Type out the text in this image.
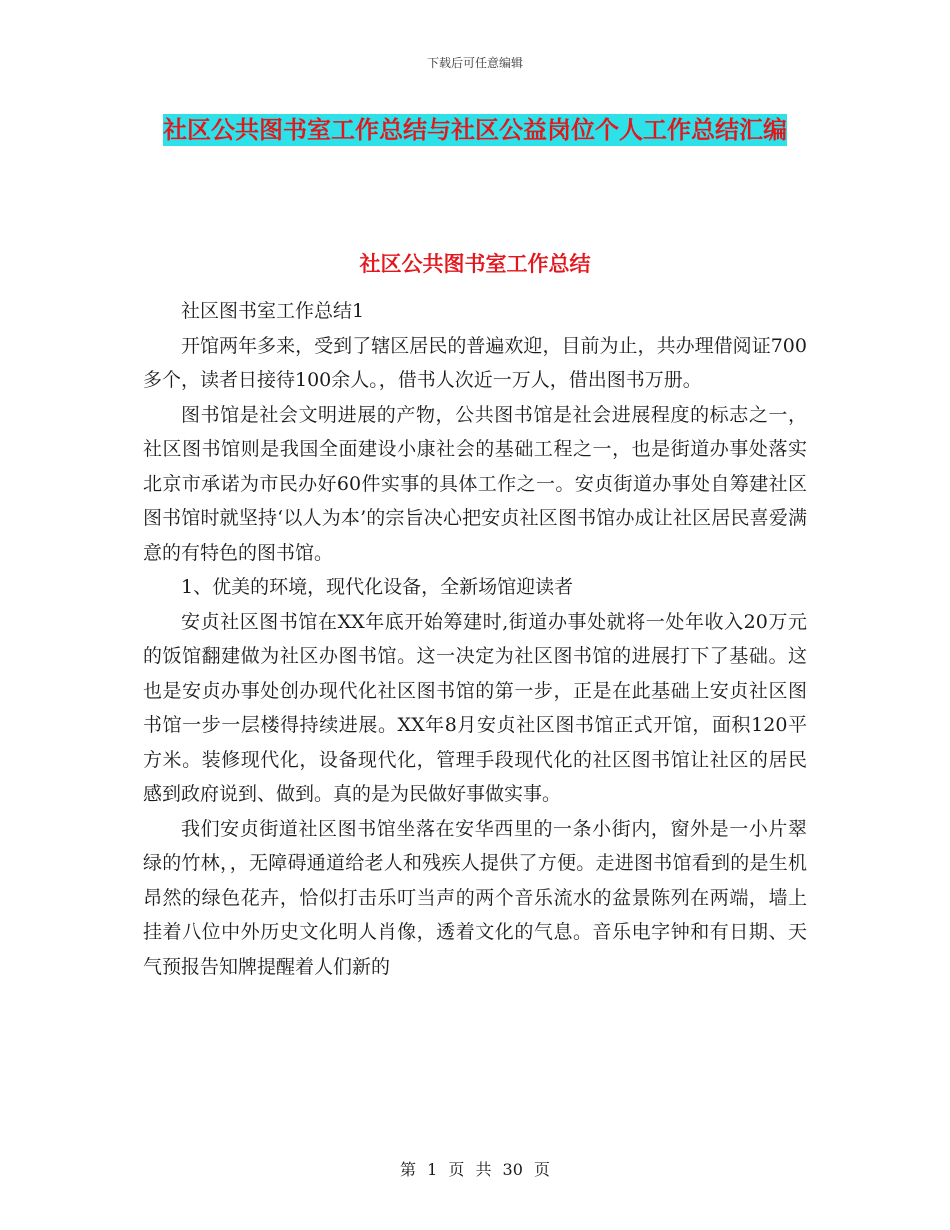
下载后可任意编辑
社区公共图书室工作总结与社区公益岗位个人工作总结汇编
社区公共图书室工作总结

社区图书室工作总结1

开馆两年多来，受到了辖区居民的普遍欢迎，目前为止，共办理借阅证700多个，读者日接待100余人。，借书人次近一万人，借出图书万册。

图书馆是社会文明进展的产物，公共图书馆是社会进展程度的标志之一，社区图书馆则是我国全面建设小康社会的基础工程之一，也是街道办事处落实北京市承诺为市民办好60件实事的具体工作之一。安贞街道办事处自筹建社区图书馆时就坚持‘以人为本’的宗旨决心把安贞社区图书馆办成让社区居民喜爱满意的有特色的图书馆。

1、优美的环境，现代化设备，全新场馆迎读者

安贞社区图书馆在XX年底开始筹建时,街道办事处就将一处年收入20万元的饭馆翻建做为社区办图书馆。这一决定为社区图书馆的进展打下了基础。这也是安贞办事处创办现代化社区图书馆的第一步，正是在此基础上安贞社区图书馆一步一层楼得持续进展。XX年8月安贞社区图书馆正式开馆，面积120平方米。装修现代化，设备现代化，管理手段现代化的社区图书馆让社区的居民感到政府说到、做到。真的是为民做好事做实事。

我们安贞街道社区图书馆坐落在安华西里的一条小街内，窗外是一小片翠绿的竹林，，无障碍通道给老人和残疾人提供了方便。走进图书馆看到的是生机昂然的绿色花卉，恰似打击乐叮当声的两个音乐流水的盆景陈列在两端，墙上挂着八位中外历史文化明人肖像，透着文化的气息。音乐电字钟和有日期、天气预报告知牌提醒着人们新的

第 1 页 共 30 页
